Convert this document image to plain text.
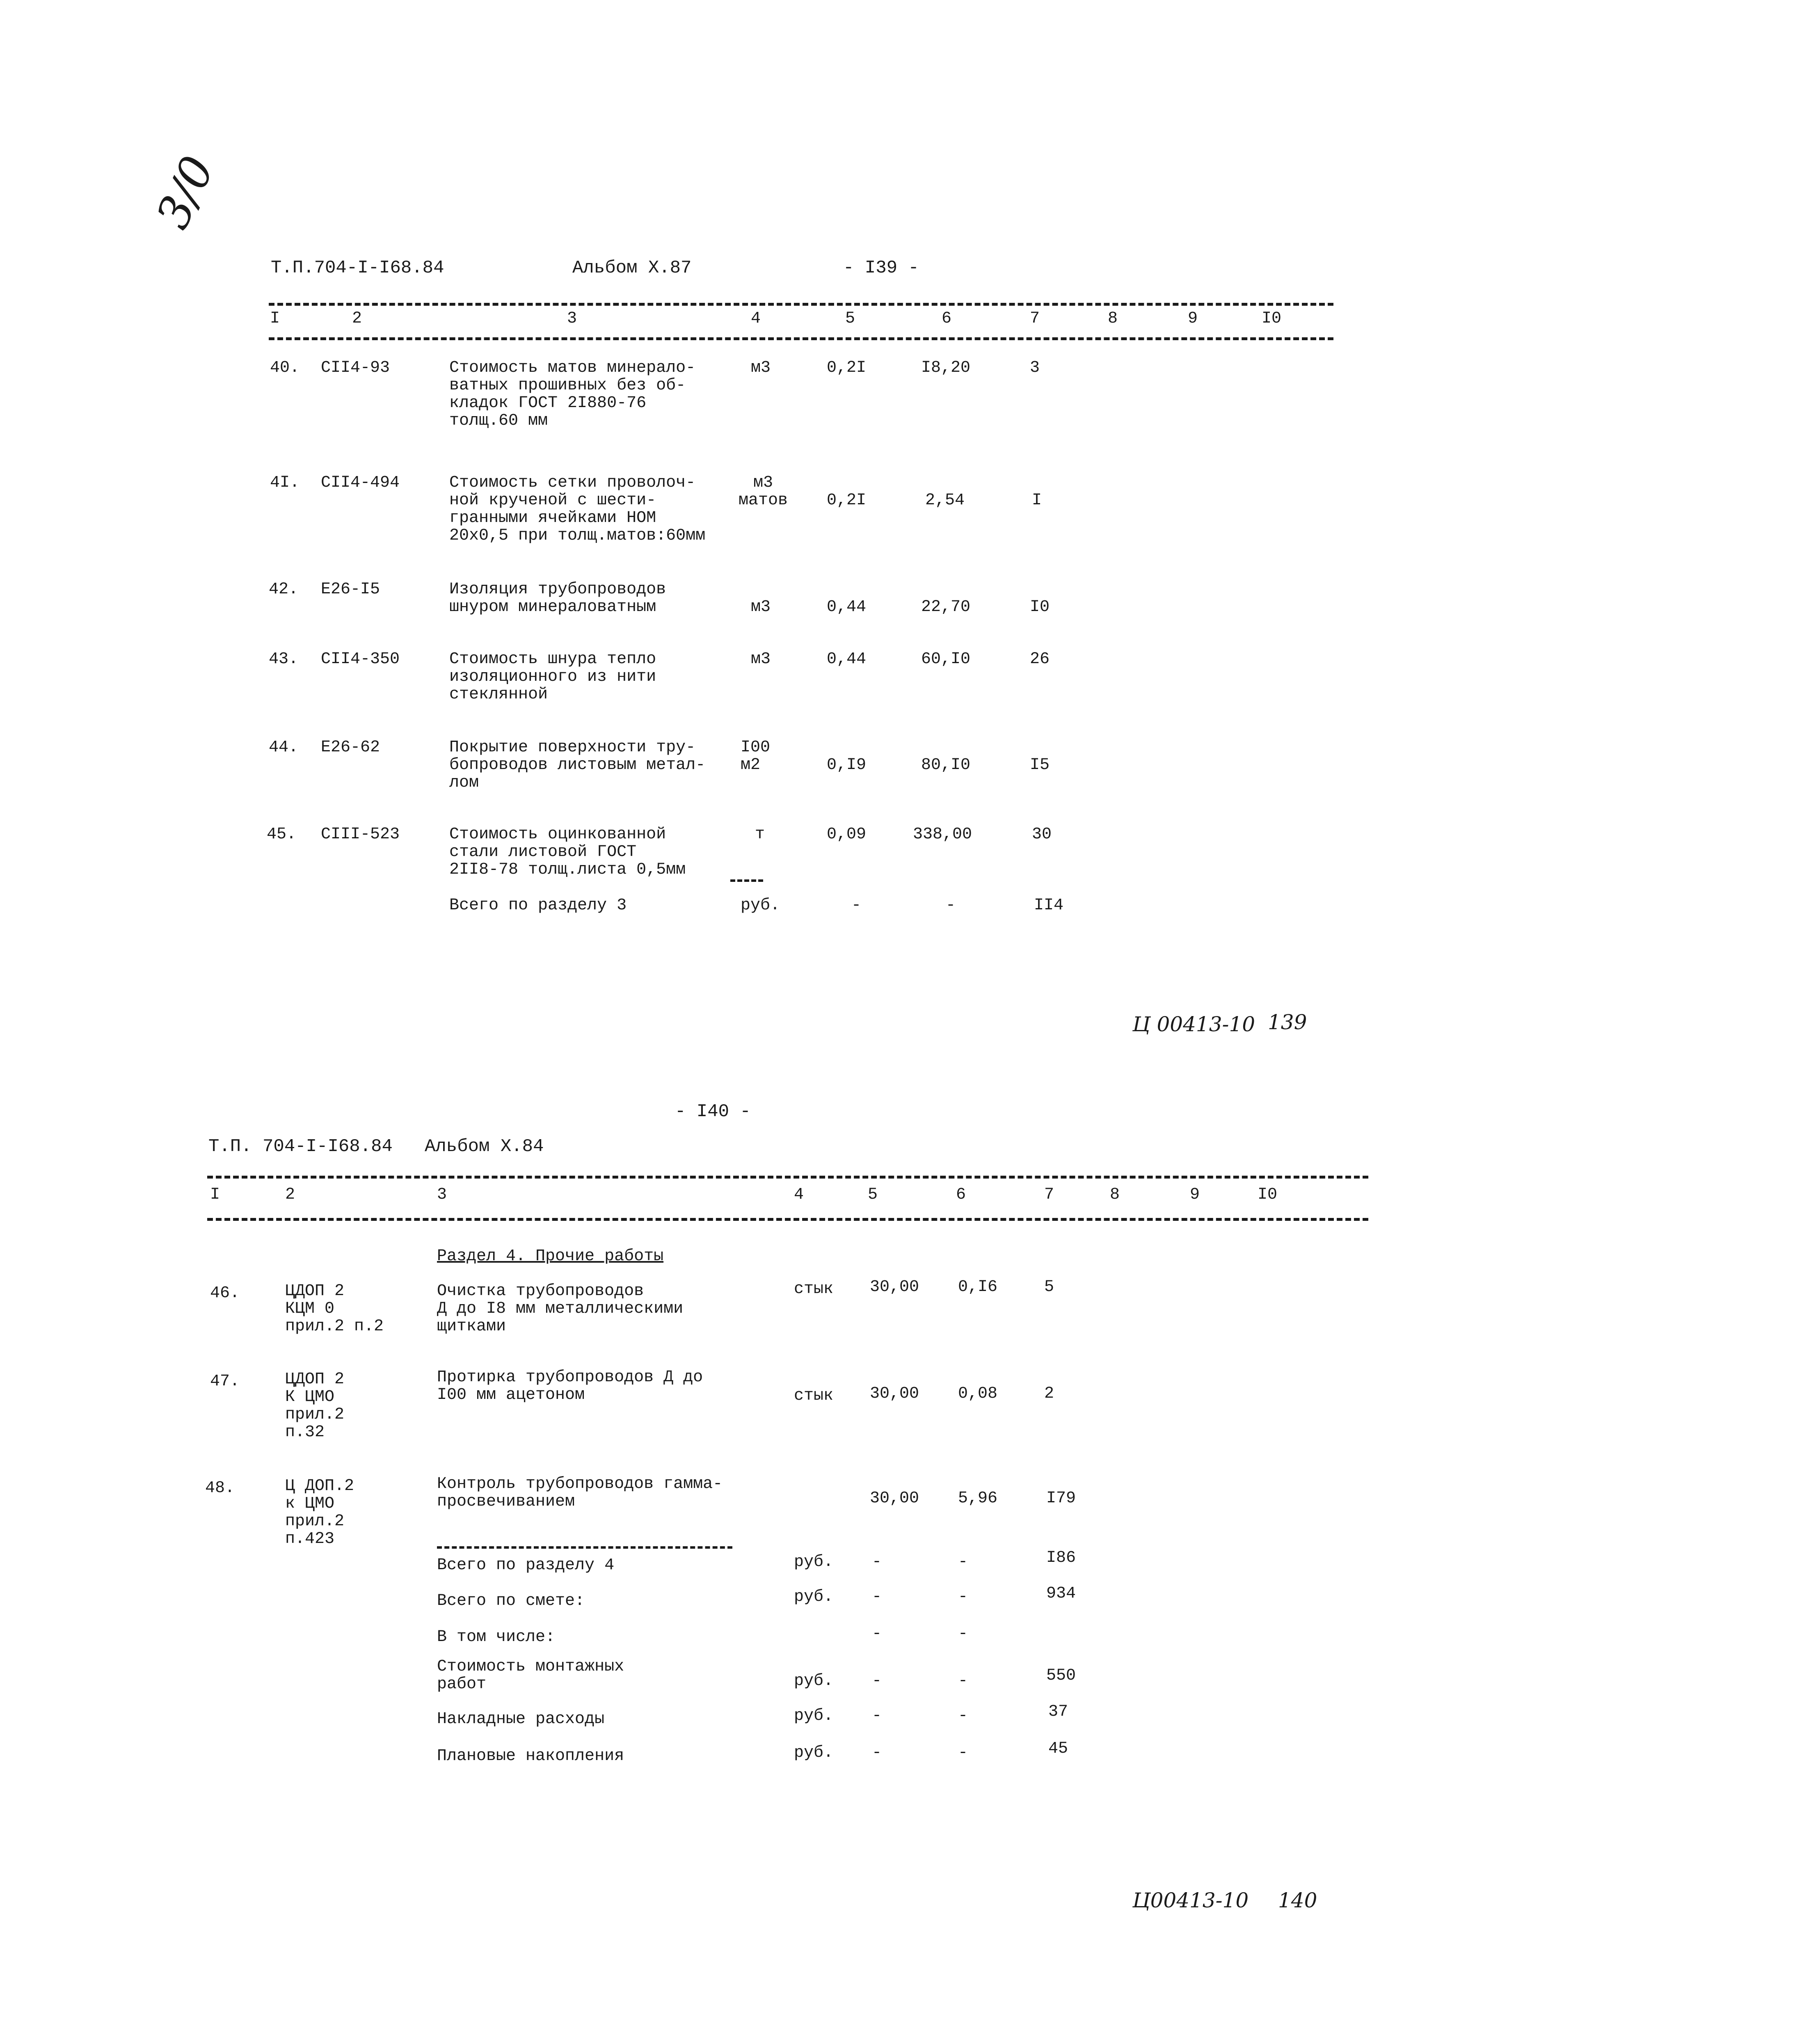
3/0
Т.П.704-I-I68.84	Альбом Х.87	- I39 -
I	2	3	4	5	6	7	8	9	I0
40. CII4-93	Стоимость матов минерало-
ватных прошивных без об-
кладок ГОСТ 2I880-76
толщ.60 мм
м3	0,2I	I8,20	3
4I. CII4-494	Стоимость сетки проволоч-
ной крученой с шести-
гранными ячейками НОМ
20х0,5 при толщ.матов:60мм
м3
матов 0,2I	2,54	I
42. Е26-I5	Изоляция трубопроводов
шнуром минераловатным	м3	0,44	22,70	I0
43. CII4-350	Стоимость шнура тепло
изоляционного из нити
стеклянной
м3	0,44	60,I0	26
44. Е26-62	Покрытие поверхности тру-
бопроводов листовым метал-
лом
I00
м2	0,I9	80,I0	I5
45. CIII-523	Стоимость оцинкованной
стали листовой ГОСТ
2II8-78 толщ.листа 0,5мм
т	0,09	338,00	30
Всего по разделу 3	руб.	-	-	II4
Ц 00413-10 139
- I40 -
Т.П. 704-I-I68.84 Альбом Х.84
I	2	3	4	5	6	7	8	9	I0
Раздел 4. Прочие работы
46.	ЦДОП 2
КЦМ 0
прил.2 п.2
Очистка трубопроводов
Д до I8 мм металлическими
щитками
стык 30,00 0,I6	5
47.	ЦДОП 2
К ЦМО
прил.2
п.32
Протирка трубопроводов Д до
I00 мм ацетоном	стык 30,00 0,08	2
48.	Ц ДОП.2
к ЦМО
прил.2
п.423
Контроль трубопроводов гамма-
просвечиванием	30,00 5,96	I79
Всего по разделу 4	руб. -	-	I86
Всего по смете:	руб. -	-	934
В том числе:	-	-
Стоимость монтажных
работ	руб. -	-	550
Накладные расходы	руб. -	-	37
Плановые накопления	руб. -	-	45
Ц00413-10 140
